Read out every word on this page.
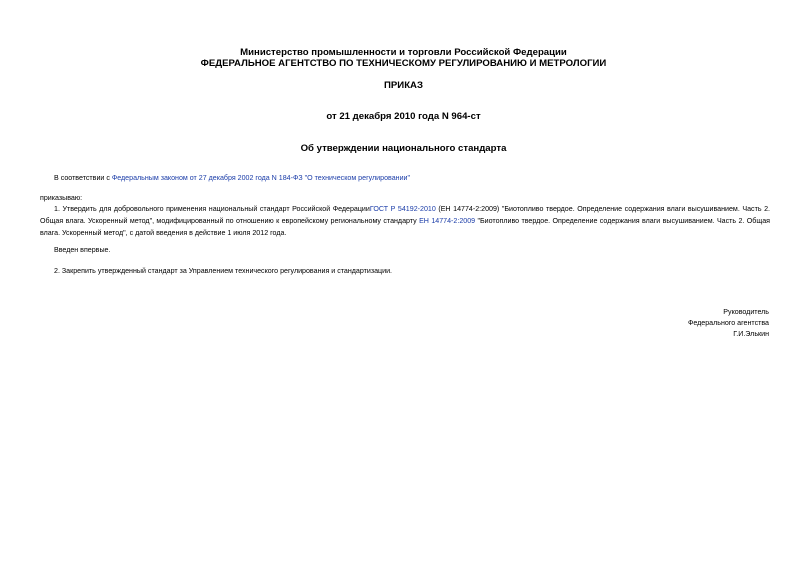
Министерство промышленности и торговли Российской Федерации
ФЕДЕРАЛЬНОЕ АГЕНТСТВО ПО ТЕХНИЧЕСКОМУ РЕГУЛИРОВАНИЮ И МЕТРОЛОГИИ
ПРИКАЗ
от 21 декабря 2010 года N 964-ст
Об утверждении национального стандарта
В соответствии с Федеральным законом от 27 декабря 2002 года N 184-ФЗ "О техническом регулировании"
приказываю:
1. Утвердить для добровольного применения национальный стандарт Российской ФедерацииГОСТ Р 54192-2010 (ЕН 14774-2:2009) "Биотопливо твердое. Определение содержания влаги высушиванием. Часть 2. Общая влага. Ускоренный метод", модифицированный по отношению к европейскому региональному стандарту ЕН 14774-2:2009 "Биотопливо твердое. Определение содержания влаги высушиванием. Часть 2. Общая влага. Ускоренный метод", с датой введения в действие 1 июля 2012 года.
Введен впервые.
2. Закрепить утвержденный стандарт за Управлением технического регулирования и стандартизации.
Руководитель
Федерального агентства
Г.И.Элькин
